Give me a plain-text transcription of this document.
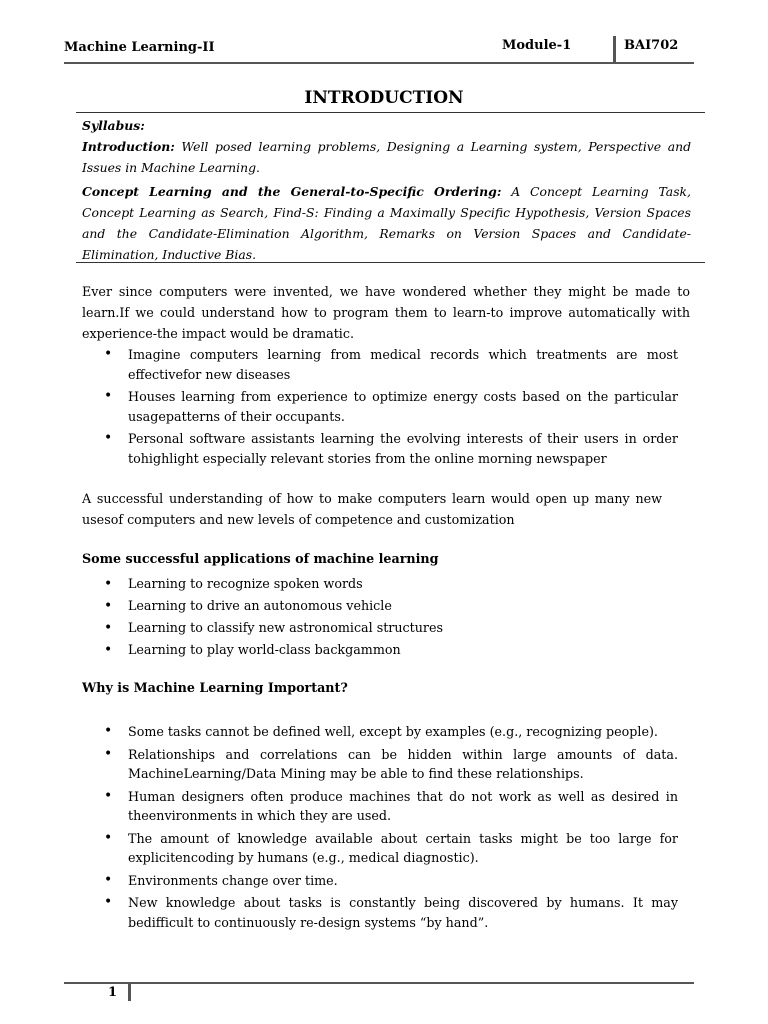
Machine Learning-II	Module-1	BAI702
INTRODUCTION

Syllabus:

Introduction: Well posed learning problems, Designing a Learning system, Perspective and Issues in Machine Learning.

Concept Learning and the General-to-Specific Ordering: A Concept Learning Task, Concept Learning as Search, Find-S: Finding a Maximally Specific Hypothesis, Version Spaces and the Candidate-Elimination Algorithm, Remarks on Version Spaces and Candidate-Elimination, Inductive Bias.

Ever since computers were invented, we have wondered whether they might be made to learn.If we could understand how to program them to learn-to improve automatically with experience-the impact would be dramatic.

• Imagine computers learning from medical records which treatments are most effectivefor new diseases
• Houses learning from experience to optimize energy costs based on the particular usagepatterns of their occupants.
• Personal software assistants learning the evolving interests of their users in order tohighlight especially relevant stories from the online morning newspaper

A successful understanding of how to make computers learn would open up many new usesof computers and new levels of competence and customization

Some successful applications of machine learning

• Learning to recognize spoken words
• Learning to drive an autonomous vehicle
• Learning to classify new astronomical structures
• Learning to play world-class backgammon

Why is Machine Learning Important?

• Some tasks cannot be defined well, except by examples (e.g., recognizing people).
• Relationships and correlations can be hidden within large amounts of data. MachineLearning/Data Mining may be able to find these relationships.
• Human designers often produce machines that do not work as well as desired in theenvironments in which they are used.
• The amount of knowledge available about certain tasks might be too large for explicitencoding by humans (e.g., medical diagnostic).
• Environments change over time.
• New knowledge about tasks is constantly being discovered by humans. It may bedifficult to continuously re-design systems “by hand”.
1
